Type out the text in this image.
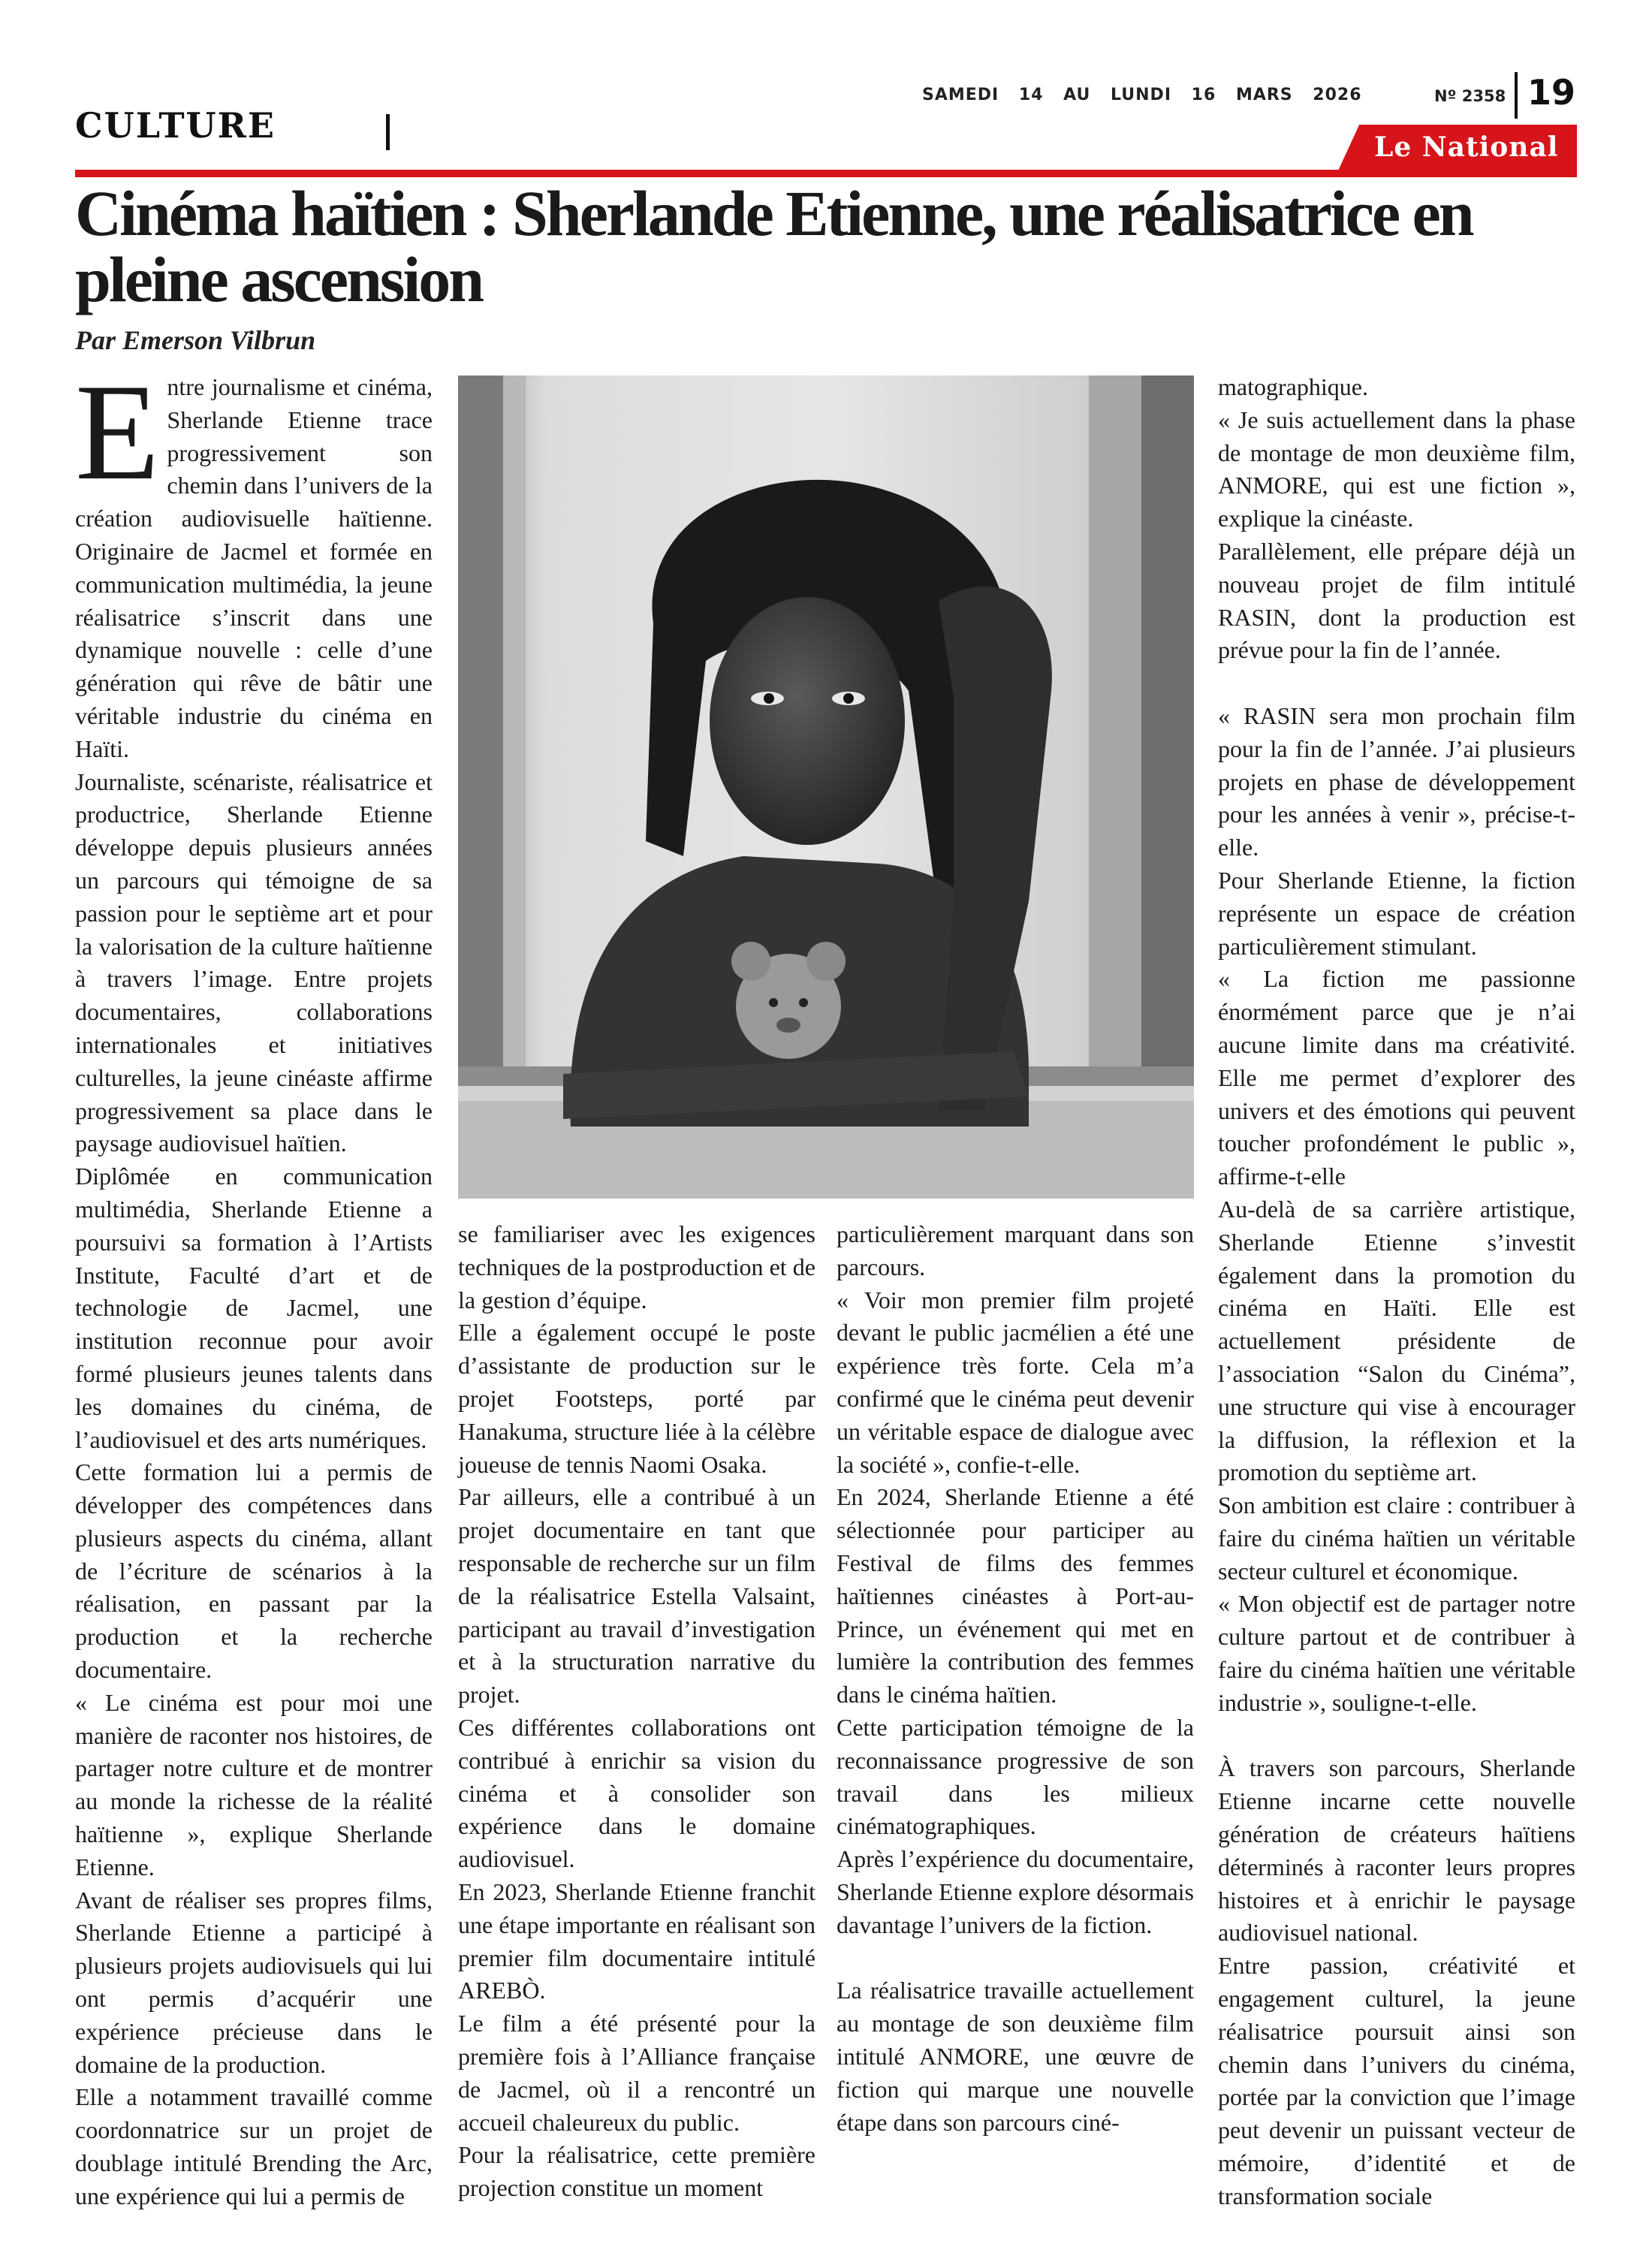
CULTURE
SAMEDI 14 AU LUNDI 16 MARS 2026	Nº 2358 19
Le National
Cinéma haïtien : Sherlande Etienne, une réalisatrice en pleine ascension
Par Emerson Vilbrun

Entre journalisme et cinéma, Sherlande Etienne trace progressivement son chemin dans l’univers de la création audiovisuelle haïtienne. Originaire de Jacmel et formée en communication multimédia, la jeune réalisatrice s’inscrit dans une dynamique nouvelle : celle d’une génération qui rêve de bâtir une véritable industrie du cinéma en Haïti.

Journaliste, scénariste, réalisatrice et productrice, Sherlande Etienne développe depuis plusieurs années un parcours qui témoigne de sa passion pour le septième art et pour la valorisation de la culture haïtienne à travers l’image. Entre projets documentaires, collaborations internationales et initiatives culturelles, la jeune cinéaste affirme progressivement sa place dans le paysage audiovisuel haïtien.

Diplômée en communication multimédia, Sherlande Etienne a poursuivi sa formation à l’Artists Institute, Faculté d’art et de technologie de Jacmel, une institution reconnue pour avoir formé plusieurs jeunes talents dans les domaines du cinéma, de l’audiovisuel et des arts numériques.

Cette formation lui a permis de développer des compétences dans plusieurs aspects du cinéma, allant de l’écriture de scénarios à la réalisation, en passant par la production et la recherche documentaire.

« Le cinéma est pour moi une manière de raconter nos histoires, de partager notre culture et de montrer au monde la richesse de la réalité haïtienne », explique Sherlande Etienne.

Avant de réaliser ses propres films, Sherlande Etienne a participé à plusieurs projets audiovisuels qui lui ont permis d’acquérir une expérience précieuse dans le domaine de la production.

Elle a notamment travaillé comme coordonnatrice sur un projet de doublage intitulé Brending the Arc, une expérience qui lui a permis de

se familiariser avec les exigences techniques de la postproduction et de la gestion d’équipe.

Elle a également occupé le poste d’assistante de production sur le projet Footsteps, porté par Hanakuma, structure liée à la célèbre joueuse de tennis Naomi Osaka.

Par ailleurs, elle a contribué à un projet documentaire en tant que responsable de recherche sur un film de la réalisatrice Estella Valsaint, participant au travail d’investigation et à la structuration narrative du projet.

Ces différentes collaborations ont contribué à enrichir sa vision du cinéma et à consolider son expérience dans le domaine audiovisuel.

En 2023, Sherlande Etienne franchit une étape importante en réalisant son premier film documentaire intitulé AREBÒ.

Le film a été présenté pour la première fois à l’Alliance française de Jacmel, où il a rencontré un accueil chaleureux du public.

Pour la réalisatrice, cette première projection constitue un moment

particulièrement marquant dans son parcours.

« Voir mon premier film projeté devant le public jacmélien a été une expérience très forte. Cela m’a confirmé que le cinéma peut devenir un véritable espace de dialogue avec la société », confie-t-elle.

En 2024, Sherlande Etienne a été sélectionnée pour participer au Festival de films des femmes haïtiennes cinéastes à Port-au-Prince, un événement qui met en lumière la contribution des femmes dans le cinéma haïtien.

Cette participation témoigne de la reconnaissance progressive de son travail dans les milieux cinématographiques.

Après l’expérience du documentaire, Sherlande Etienne explore désormais davantage l’univers de la fiction.

La réalisatrice travaille actuellement au montage de son deuxième film intitulé ANMORE, une œuvre de fiction qui marque une nouvelle étape dans son parcours ciné-

matographique.

« Je suis actuellement dans la phase de montage de mon deuxième film, ANMORE, qui est une fiction », explique la cinéaste.

Parallèlement, elle prépare déjà un nouveau projet de film intitulé RASIN, dont la production est prévue pour la fin de l’année.

« RASIN sera mon prochain film pour la fin de l’année. J’ai plusieurs projets en phase de développement pour les années à venir », précise-t-elle.

Pour Sherlande Etienne, la fiction représente un espace de création particulièrement stimulant.

« La fiction me passionne énormément parce que je n’ai aucune limite dans ma créativité. Elle me permet d’explorer des univers et des émotions qui peuvent toucher profondément le public », affirme-t-elle

Au-delà de sa carrière artistique, Sherlande Etienne s’investit également dans la promotion du cinéma en Haïti. Elle est actuellement présidente de l’association “Salon du Cinéma”, une structure qui vise à encourager la diffusion, la réflexion et la promotion du septième art.

Son ambition est claire : contribuer à faire du cinéma haïtien un véritable secteur culturel et économique.

« Mon objectif est de partager notre culture partout et de contribuer à faire du cinéma haïtien une véritable industrie », souligne-t-elle.

À travers son parcours, Sherlande Etienne incarne cette nouvelle génération de créateurs haïtiens déterminés à raconter leurs propres histoires et à enrichir le paysage audiovisuel national.

Entre passion, créativité et engagement culturel, la jeune réalisatrice poursuit ainsi son chemin dans l’univers du cinéma, portée par la conviction que l’image peut devenir un puissant vecteur de mémoire, d’identité et de transformation sociale
